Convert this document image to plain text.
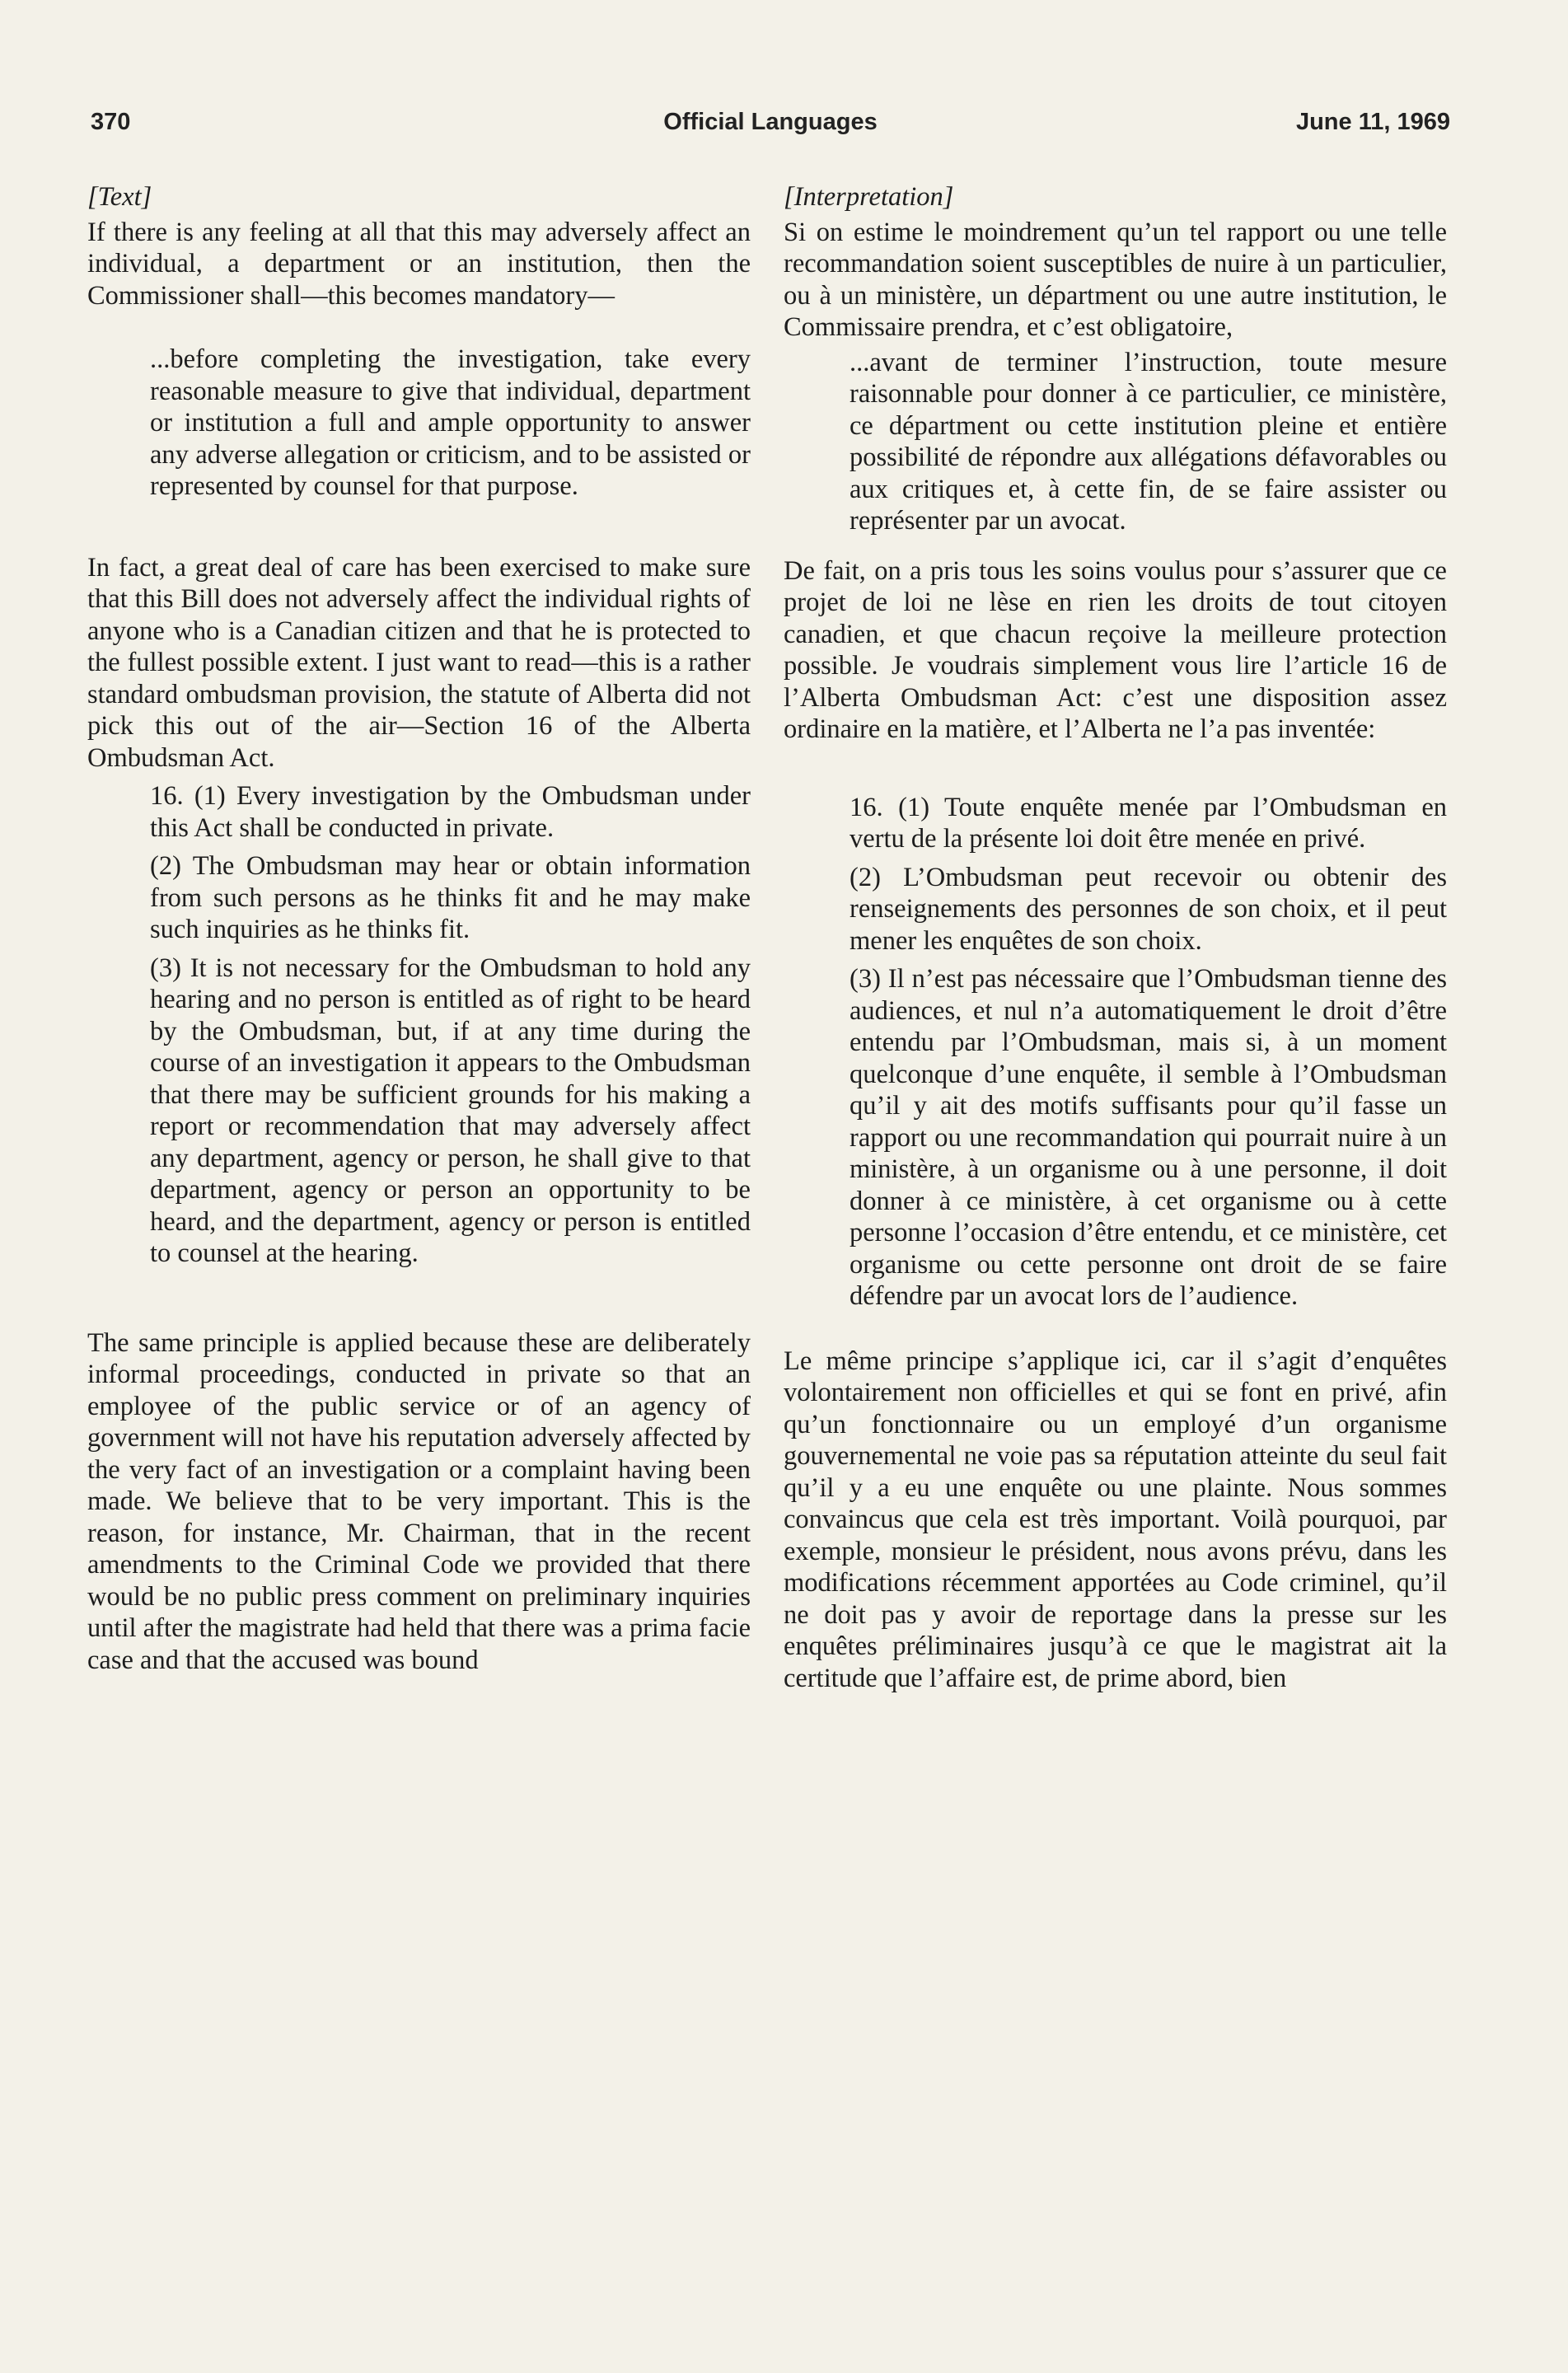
370	Official Languages	June 11, 1969

[Text]

If there is any feeling at all that this may adversely affect an individual, a department or an institution, then the Commissioner shall—this becomes mandatory—

...before completing the investigation, take every reasonable measure to give that individual, department or institution a full and ample opportunity to answer any adverse allegation or criticism, and to be assisted or represented by counsel for that purpose.

In fact, a great deal of care has been exercised to make sure that this Bill does not adversely affect the individual rights of anyone who is a Canadian citizen and that he is protected to the fullest possible extent. I just want to read—this is a rather standard ombudsman provision, the statute of Alberta did not pick this out of the air—Section 16 of the Alberta Ombudsman Act.

16. (1) Every investigation by the Ombudsman under this Act shall be conducted in private.

(2) The Ombudsman may hear or obtain information from such persons as he thinks fit and he may make such inquiries as he thinks fit.

(3) It is not necessary for the Ombudsman to hold any hearing and no person is entitled as of right to be heard by the Ombudsman, but, if at any time during the course of an investigation it appears to the Ombudsman that there may be sufficient grounds for his making a report or recommendation that may adversely affect any department, agency or person, he shall give to that department, agency or person an opportunity to be heard, and the department, agency or person is entitled to counsel at the hearing.

The same principle is applied because these are deliberately informal proceedings, conducted in private so that an employee of the public service or of an agency of government will not have his reputation adversely affected by the very fact of an investigation or a complaint having been made. We believe that to be very important. This is the reason, for instance, Mr. Chairman, that in the recent amendments to the Criminal Code we provided that there would be no public press comment on preliminary inquiries until after the magistrate had held that there was a prima facie case and that the accused was bound

[Interpretation]

Si on estime le moindrement qu’un tel rapport ou une telle recommandation soient susceptibles de nuire à un particulier, ou à un ministère, un départment ou une autre institution, le Commissaire prendra, et c’est obligatoire,

...avant de terminer l’instruction, toute mesure raisonnable pour donner à ce particulier, ce ministère, ce départment ou cette institution pleine et entière possibilité de répondre aux allégations défavorables ou aux critiques et, à cette fin, de se faire assister ou représenter par un avocat.

De fait, on a pris tous les soins voulus pour s’assurer que ce projet de loi ne lèse en rien les droits de tout citoyen canadien, et que chacun reçoive la meilleure protection possible. Je voudrais simplement vous lire l’article 16 de l’Alberta Ombudsman Act: c’est une disposition assez ordinaire en la matière, et l’Alberta ne l’a pas inventée:

16. (1) Toute enquête menée par l’Ombudsman en vertu de la présente loi doit être menée en privé.

(2) L’Ombudsman peut recevoir ou obtenir des renseignements des personnes de son choix, et il peut mener les enquêtes de son choix.

(3) Il n’est pas nécessaire que l’Ombudsman tienne des audiences, et nul n’a automatiquement le droit d’être entendu par l’Ombudsman, mais si, à un moment quelconque d’une enquête, il semble à l’Ombudsman qu’il y ait des motifs suffisants pour qu’il fasse un rapport ou une recommandation qui pourrait nuire à un ministère, à un organisme ou à une personne, il doit donner à ce ministère, à cet organisme ou à cette personne l’occasion d’être entendu, et ce ministère, cet organisme ou cette personne ont droit de se faire défendre par un avocat lors de l’audience.

Le même principe s’applique ici, car il s’agit d’enquêtes volontairement non officielles et qui se font en privé, afin qu’un fonctionnaire ou un employé d’un organisme gouvernemental ne voie pas sa réputation atteinte du seul fait qu’il y a eu une enquête ou une plainte. Nous sommes convaincus que cela est très important. Voilà pourquoi, par exemple, monsieur le président, nous avons prévu, dans les modifications récemment apportées au Code criminel, qu’il ne doit pas y avoir de reportage dans la presse sur les enquêtes préliminaires jusqu’à ce que le magistrat ait la certitude que l’affaire est, de prime abord, bien
